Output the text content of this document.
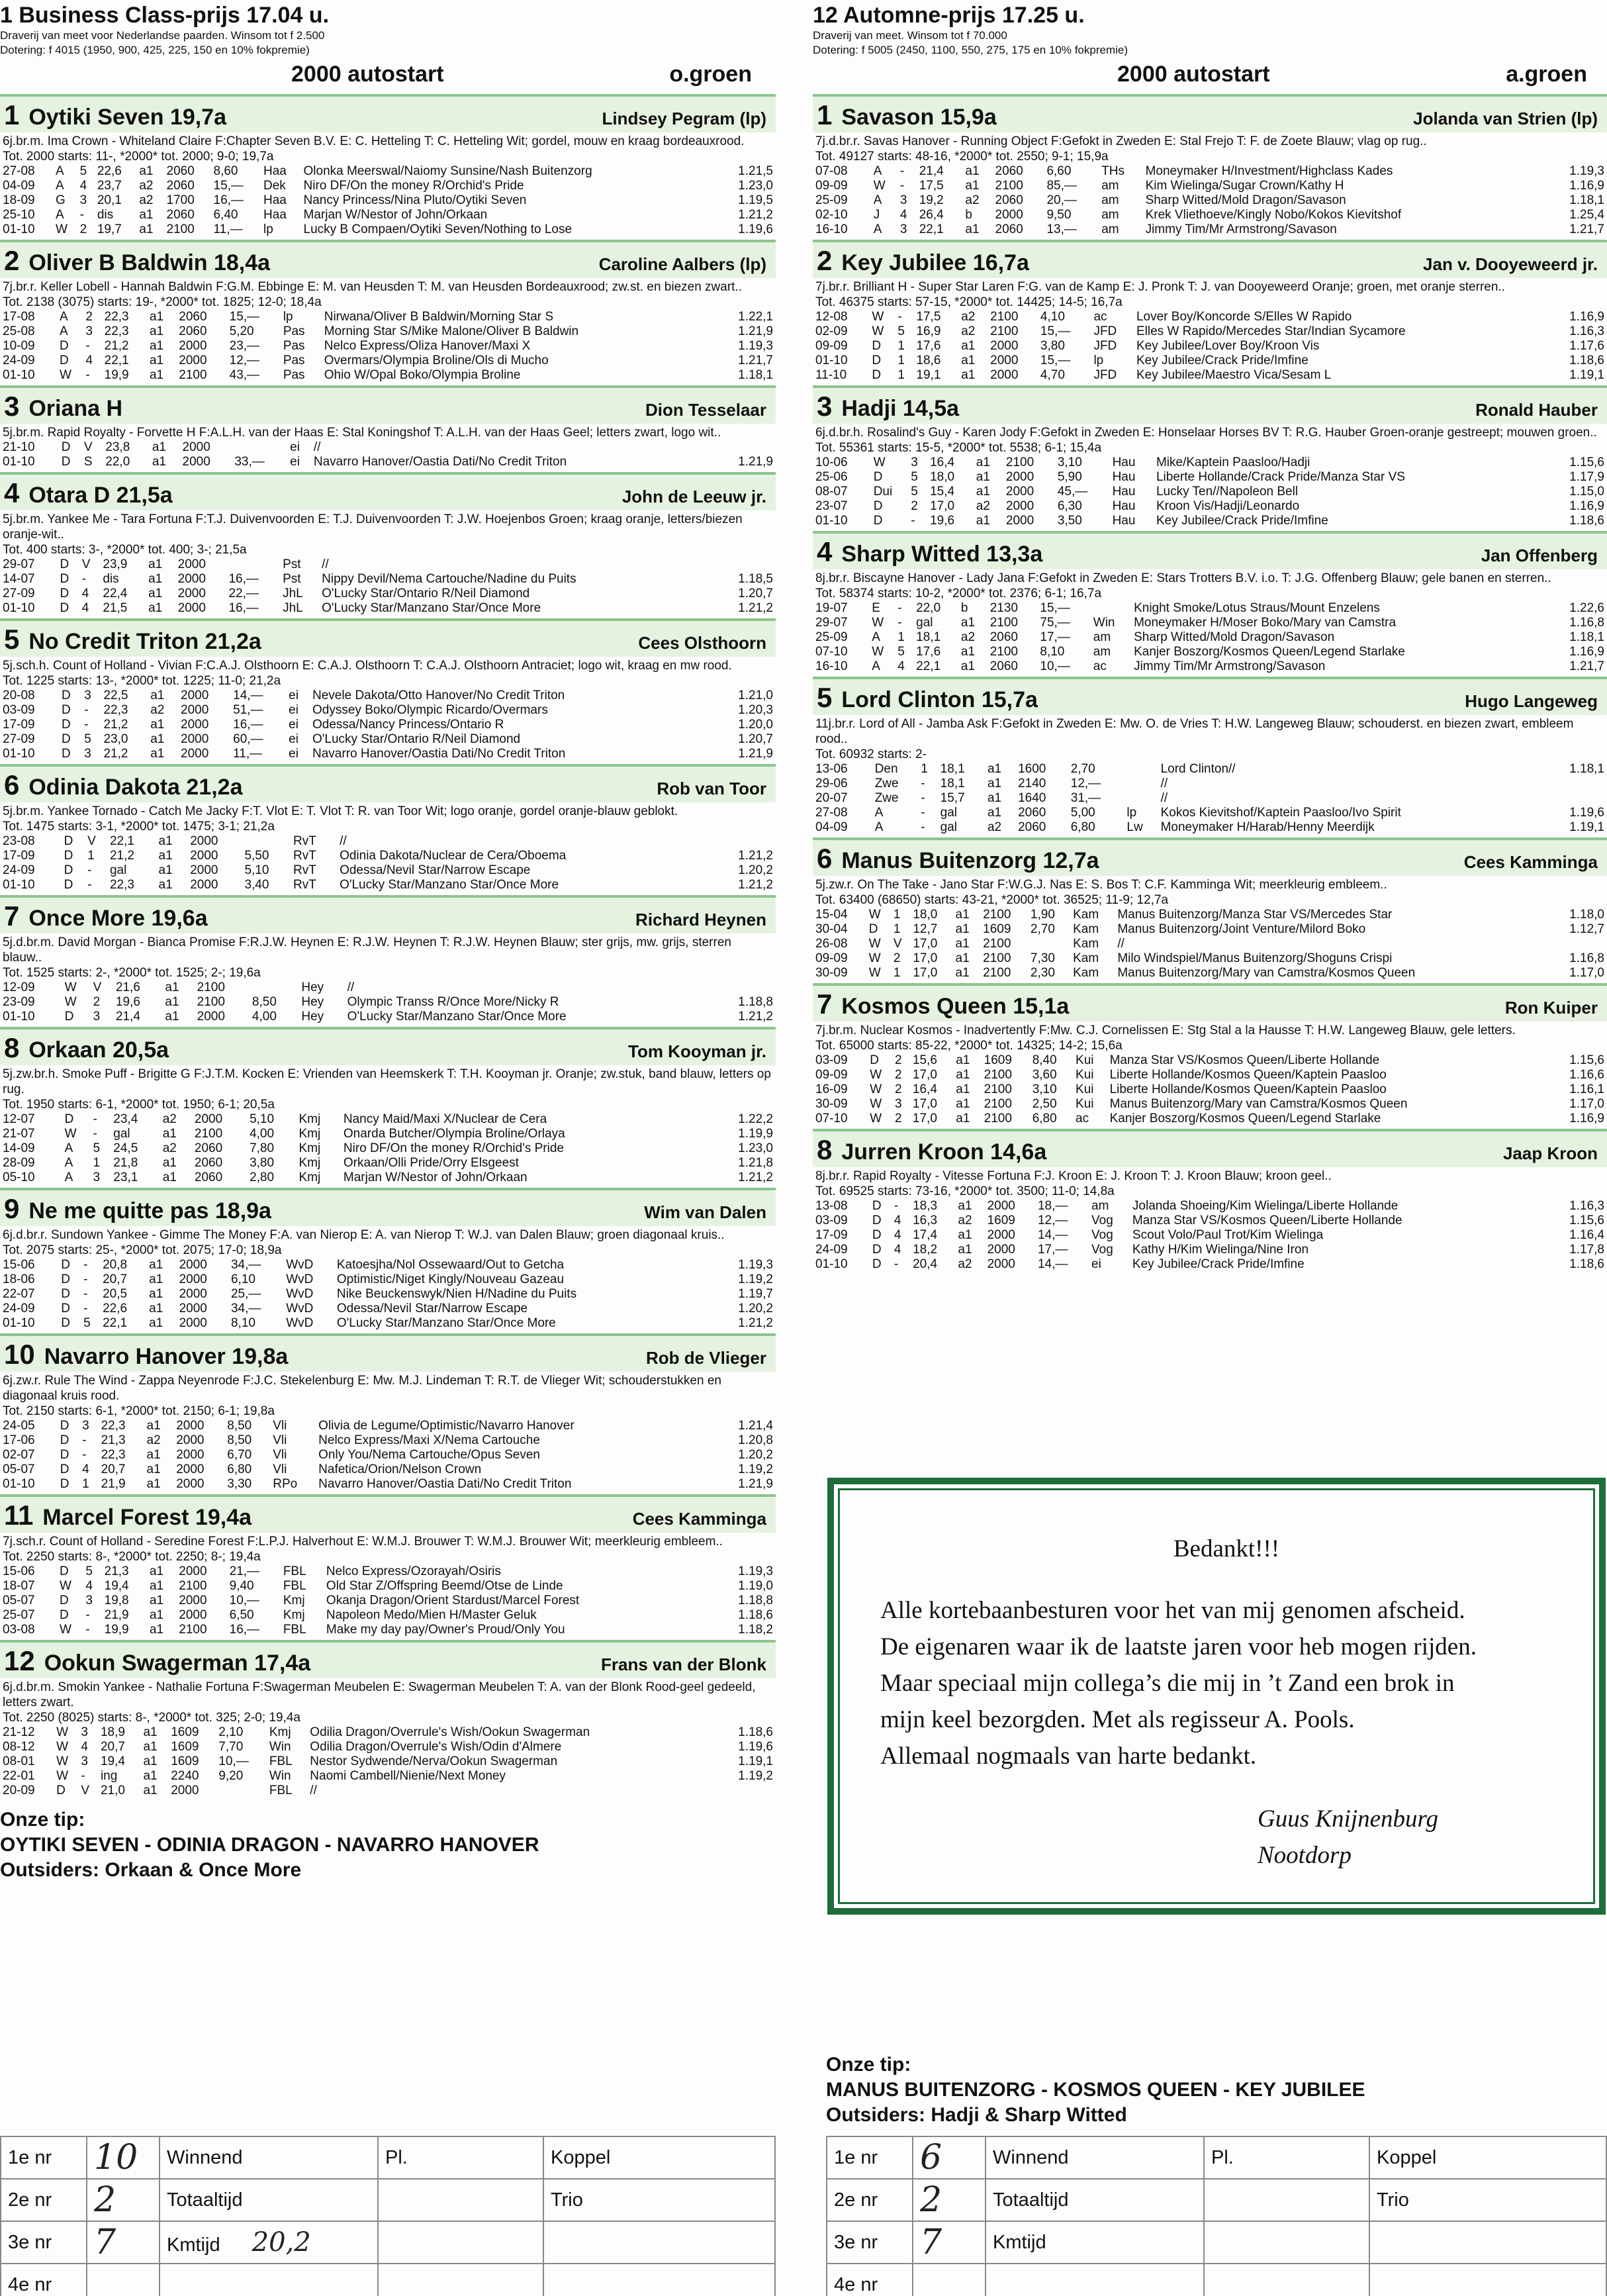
1 Business Class-prijs 17.04 u.
Draverij van meet voor Nederlandse paarden. Winsom tot f 2.500
Dotering: f 4015 (1950, 900, 425, 225, 150 en 10% fokpremie)
2000 autostart	o.groen
1 Oytiki Seven 19,7a	Lindsey Pegram (lp)
6j.br.m. Ima Crown - Whiteland Claire F:Chapter Seven B.V. E: C. Hetteling T: C. Hetteling Wit; gordel, mouw en kraag bordeauxrood.
Tot. 2000 starts: 11-, *2000* tot. 2000; 9-0; 19,7a
27-08	A	5	22,6	a1	2060	8,60	Haa	Olonka Meerswal/Naiomy Sunsine/Nash Buitenzorg	1.21,5
04-09	A	4	23,7	a2	2060	15,—	Dek	Niro DF/On the money R/Orchid's Pride	1.23,0
18-09	G	3	20,1	a2	1700	16,—	Haa	Nancy Princess/Nina Pluto/Oytiki Seven	1.19,5
25-10	A	-	dis	a1	2060	6,40	Haa	Marjan W/Nestor of John/Orkaan	1.21,2
01-10	W	2	19,7	a1	2100	11,—	lp	Lucky B Compaen/Oytiki Seven/Nothing to Lose	1.19,6
2 Oliver B Baldwin 18,4a	Caroline Aalbers (lp)
7j.br.r. Keller Lobell - Hannah Baldwin F:G.M. Ebbinge E: M. van Heusden T: M. van Heusden Bordeauxrood; zw.st. en biezen zwart..
Tot. 2138 (3075) starts: 19-, *2000* tot. 1825; 12-0; 18,4a
17-08	A	2	22,3	a1	2060	15,—	lp	Nirwana/Oliver B Baldwin/Morning Star S	1.22,1
25-08	A	3	22,3	a1	2060	5,20	Pas	Morning Star S/Mike Malone/Oliver B Baldwin	1.21,9
10-09	D	-	21,2	a1	2000	23,—	Pas	Nelco Express/Oliza Hanover/Maxi X	1.19,3
24-09	D	4	22,1	a1	2000	12,—	Pas	Overmars/Olympia Broline/Ols di Mucho	1.21,7
01-10	W	-	19,9	a1	2100	43,—	Pas	Ohio W/Opal Boko/Olympia Broline	1.18,1
3 Oriana H	Dion Tesselaar
5j.br.m. Rapid Royalty - Forvette H F:A.L.H. van der Haas E: Stal Koningshof T: A.L.H. van der Haas Geel; letters zwart, logo wit..
21-10	D	V	23,8	a1	2000		ei	//	
01-10	D	S	22,0	a1	2000	33,—	ei	Navarro Hanover/Oastia Dati/No Credit Triton	1.21,9
4 Otara D 21,5a	John de Leeuw jr.
5j.br.m. Yankee Me - Tara Fortuna F:T.J. Duivenvoorden E: T.J. Duivenvoorden T: J.W. Hoejenbos Groen; kraag oranje, letters/biezen oranje-wit..
Tot. 400 starts: 3-, *2000* tot. 400; 3-; 21,5a
29-07	D	V	23,9	a1	2000		Pst	//	
14-07	D	-	dis	a1	2000	16,—	Pst	Nippy Devil/Nema Cartouche/Nadine du Puits	1.18,5
27-09	D	4	22,4	a1	2000	22,—	JhL	O'Lucky Star/Ontario R/Neil Diamond	1.20,7
01-10	D	4	21,5	a1	2000	16,—	JhL	O'Lucky Star/Manzano Star/Once More	1.21,2
5 No Credit Triton 21,2a	Cees Olsthoorn
5j.sch.h. Count of Holland - Vivian F:C.A.J. Olsthoorn E: C.A.J. Olsthoorn T: C.A.J. Olsthoorn Antraciet; logo wit, kraag en mw rood.
Tot. 1225 starts: 13-, *2000* tot. 1225; 11-0; 21,2a
20-08	D	3	22,5	a1	2000	14,—	ei	Nevele Dakota/Otto Hanover/No Credit Triton	1.21,0
03-09	D	-	22,3	a2	2000	51,—	ei	Odyssey Boko/Olympic Ricardo/Overmars	1.20,3
17-09	D	-	21,2	a1	2000	16,—	ei	Odessa/Nancy Princess/Ontario R	1.20,0
27-09	D	5	23,0	a1	2000	60,—	ei	O'Lucky Star/Ontario R/Neil Diamond	1.20,7
01-10	D	3	21,2	a1	2000	11,—	ei	Navarro Hanover/Oastia Dati/No Credit Triton	1.21,9
6 Odinia Dakota 21,2a	Rob van Toor
5j.br.m. Yankee Tornado - Catch Me Jacky F:T. Vlot E: T. Vlot T: R. van Toor Wit; logo oranje, gordel oranje-blauw geblokt.
Tot. 1475 starts: 3-1, *2000* tot. 1475; 3-1; 21,2a
23-08	D	V	22,1	a1	2000		RvT	//	
17-09	D	1	21,2	a1	2000	5,50	RvT	Odinia Dakota/Nuclear de Cera/Oboema	1.21,2
24-09	D	-	gal	a1	2000	5,10	RvT	Odessa/Nevil Star/Narrow Escape	1.20,2
01-10	D	-	22,3	a1	2000	3,40	RvT	O'Lucky Star/Manzano Star/Once More	1.21,2
7 Once More 19,6a	Richard Heynen
5j.d.br.m. David Morgan - Bianca Promise F:R.J.W. Heynen E: R.J.W. Heynen T: R.J.W. Heynen Blauw; ster grijs, mw. grijs, sterren blauw..
Tot. 1525 starts: 2-, *2000* tot. 1525; 2-; 19,6a
12-09	W	V	21,6	a1	2100		Hey	//	
23-09	W	2	19,6	a1	2100	8,50	Hey	Olympic Transs R/Once More/Nicky R	1.18,8
01-10	D	3	21,4	a1	2000	4,00	Hey	O'Lucky Star/Manzano Star/Once More	1.21,2
8 Orkaan 20,5a	Tom Kooyman jr.
5j.zw.br.h. Smoke Puff - Brigitte G F:J.T.M. Kocken E: Vrienden van Heemskerk T: T.H. Kooyman jr. Oranje; zw.stuk, band blauw, letters op rug.
Tot. 1950 starts: 6-1, *2000* tot. 1950; 6-1; 20,5a
12-07	D	-	23,4	a2	2000	5,10	Kmj	Nancy Maid/Maxi X/Nuclear de Cera	1.22,2
21-07	W	-	gal	a1	2100	4,00	Kmj	Onarda Butcher/Olympia Broline/Orlaya	1.19,9
14-09	A	5	24,5	a2	2060	7,80	Kmj	Niro DF/On the money R/Orchid's Pride	1.23,0
28-09	A	1	21,8	a1	2060	3,80	Kmj	Orkaan/Olli Pride/Orry Elsgeest	1.21,8
05-10	A	3	23,1	a1	2060	2,80	Kmj	Marjan W/Nestor of John/Orkaan	1.21,2
9 Ne me quitte pas 18,9a	Wim van Dalen
6j.d.br.r. Sundown Yankee - Gimme The Money F:A. van Nierop E: A. van Nierop T: W.J. van Dalen Blauw; groen diagonaal kruis..
Tot. 2075 starts: 25-, *2000* tot. 2075; 17-0; 18,9a
15-06	D	-	20,8	a1	2000	34,—	WvD	Katoesjha/Nol Ossewaard/Out to Getcha	1.19,3
18-06	D	-	20,7	a1	2000	6,10	WvD	Optimistic/Niget Kingly/Nouveau Gazeau	1.19,2
22-07	D	-	20,5	a1	2000	25,—	WvD	Nike Beuckenswyk/Nien H/Nadine du Puits	1.19,7
24-09	D	-	22,6	a1	2000	34,—	WvD	Odessa/Nevil Star/Narrow Escape	1.20,2
01-10	D	5	22,1	a1	2000	8,10	WvD	O'Lucky Star/Manzano Star/Once More	1.21,2
10 Navarro Hanover 19,8a	Rob de Vlieger
6j.zw.r. Rule The Wind - Zappa Neyenrode F:J.C. Stekelenburg E: Mw. M.J. Lindeman T: R.T. de Vlieger Wit; schouderstukken en diagonaal kruis rood.
Tot. 2150 starts: 6-1, *2000* tot. 2150; 6-1; 19,8a
24-05	D	3	22,3	a1	2000	8,50	Vli	Olivia de Legume/Optimistic/Navarro Hanover	1.21,4
17-06	D	-	21,3	a2	2000	8,50	Vli	Nelco Express/Maxi X/Nema Cartouche	1.20,8
02-07	D	-	22,3	a1	2000	6,70	Vli	Only You/Nema Cartouche/Opus Seven	1.20,2
05-07	D	4	20,7	a1	2000	6,80	Vli	Nafetica/Orion/Nelson Crown	1.19,2
01-10	D	1	21,9	a1	2000	3,30	RPo	Navarro Hanover/Oastia Dati/No Credit Triton	1.21,9
11 Marcel Forest 19,4a	Cees Kamminga
7j.sch.r. Count of Holland - Seredine Forest F:L.P.J. Halverhout E: W.M.J. Brouwer T: W.M.J. Brouwer Wit; meerkleurig embleem..
Tot. 2250 starts: 8-, *2000* tot. 2250; 8-; 19,4a
15-06	D	5	21,3	a1	2000	21,—	FBL	Nelco Express/Ozorayah/Osiris	1.19,3
18-07	W	4	19,4	a1	2100	9,40	FBL	Old Star Z/Offspring Beemd/Otse de Linde	1.19,0
05-07	D	3	19,8	a1	2000	10,—	Kmj	Okanja Dragon/Orient Stardust/Marcel Forest	1.18,8
25-07	D	-	21,9	a1	2000	6,50	Kmj	Napoleon Medo/Mien H/Master Geluk	1.18,6
03-08	W	-	19,9	a1	2100	16,—	FBL	Make my day pay/Owner's Proud/Only You	1.18,2
12 Ookun Swagerman 17,4a	Frans van der Blonk
6j.d.br.m. Smokin Yankee - Nathalie Fortuna F:Swagerman Meubelen E: Swagerman Meubelen T: A. van der Blonk Rood-geel gedeeld, letters zwart.
Tot. 2250 (8025) starts: 8-, *2000* tot. 325; 2-0; 19,4a
21-12	W	3	18,9	a1	1609	2,10	Kmj	Odilia Dragon/Overrule's Wish/Ookun Swagerman	1.18,6
08-12	W	4	20,7	a1	1609	7,70	Win	Odilia Dragon/Overrule's Wish/Odin d'Almere	1.19,6
08-01	W	3	19,4	a1	1609	10,—	FBL	Nestor Sydwende/Nerva/Ookun Swagerman	1.19,1
22-01	W	-	ing	a1	2240	9,20	Win	Naomi Cambell/Nienie/Next Money	1.19,2
20-09	D	V	21,0	a1	2000		FBL	//	
Onze tip:
OYTIKI SEVEN - ODINIA DRAGON - NAVARRO HANOVER
Outsiders: Orkaan & Once More
1e nr	10	Winnend	Pl.	Koppel
2e nr	2	Totaaltijd		Trio
3e nr	7	Kmtijd 20,2		
4e nr				
12 Automne-prijs 17.25 u.
Draverij van meet. Winsom tot f 70.000
Dotering: f 5005 (2450, 1100, 550, 275, 175 en 10% fokpremie)
2000 autostart	a.groen
1 Savason 15,9a	Jolanda van Strien (lp)
7j.d.br.r. Savas Hanover - Running Object F:Gefokt in Zweden E: Stal Frejo T: F. de Zoete Blauw; vlag op rug..
Tot. 49127 starts: 48-16, *2000* tot. 2550; 9-1; 15,9a
07-08	A	-	21,4	a1	2060	6,60	THs	Moneymaker H/Investment/Highclass Kades	1.19,3
09-09	W	-	17,5	a1	2100	85,—	am	Kim Wielinga/Sugar Crown/Kathy H	1.16,9
25-09	A	3	19,2	a2	2060	20,—	am	Sharp Witted/Mold Dragon/Savason	1.18,1
02-10	J	4	26,4	b	2000	9,50	am	Krek Vliethoeve/Kingly Nobo/Kokos Kievitshof	1.25,4
16-10	A	3	22,1	a1	2060	13,—	am	Jimmy Tim/Mr Armstrong/Savason	1.21,7
2 Key Jubilee 16,7a	Jan v. Dooyeweerd jr.
7j.br.r. Brilliant H - Super Star Laren F:G. van de Kamp E: J. Pronk T: J. van Dooyeweerd Oranje; groen, met oranje sterren..
Tot. 46375 starts: 57-15, *2000* tot. 14425; 14-5; 16,7a
12-08	W	-	17,5	a2	2100	4,10	ac	Lover Boy/Koncorde S/Elles W Rapido	1.16,9
02-09	W	5	16,9	a2	2100	15,—	JFD	Elles W Rapido/Mercedes Star/Indian Sycamore	1.16,3
09-09	D	1	17,6	a1	2000	3,80	JFD	Key Jubilee/Lover Boy/Kroon Vis	1.17,6
01-10	D	1	18,6	a1	2000	15,—	lp	Key Jubilee/Crack Pride/Imfine	1.18,6
11-10	D	1	19,1	a1	2000	4,70	JFD	Key Jubilee/Maestro Vica/Sesam L	1.19,1
3 Hadji 14,5a	Ronald Hauber
6j.d.br.h. Rosalind's Guy - Karen Jody F:Gefokt in Zweden E: Honselaar Horses BV T: R.G. Hauber Groen-oranje gestreept; mouwen groen..
Tot. 55361 starts: 15-5, *2000* tot. 5538; 6-1; 15,4a
10-06	W	3	16,4	a1	2100	3,10	Hau	Mike/Kaptein Paasloo/Hadji	1.15,6
25-06	D	5	18,0	a1	2000	5,90	Hau	Liberte Hollande/Crack Pride/Manza Star VS	1.17,9
08-07	Dui	5	15,4	a1	2000	45,—	Hau	Lucky Ten//Napoleon Bell	1.15,0
23-07	D	2	17,0	a2	2000	6,30	Hau	Kroon Vis/Hadji/Leonardo	1.16,9
01-10	D	-	19,6	a1	2000	3,50	Hau	Key Jubilee/Crack Pride/Imfine	1.18,6
4 Sharp Witted 13,3a	Jan Offenberg
8j.br.r. Biscayne Hanover - Lady Jana F:Gefokt in Zweden E: Stars Trotters B.V. i.o. T: J.G. Offenberg Blauw; gele banen en sterren..
Tot. 58374 starts: 10-2, *2000* tot. 2376; 6-1; 16,7a
19-07	E	-	22,0	b	2130	15,—		Knight Smoke/Lotus Straus/Mount Enzelens	1.22,6
29-07	W	-	gal	a1	2100	75,—	Win	Moneymaker H/Moser Boko/Mary van Camstra	1.16,8
25-09	A	1	18,1	a2	2060	17,—	am	Sharp Witted/Mold Dragon/Savason	1.18,1
07-10	W	5	17,6	a1	2100	8,10	am	Kanjer Boszorg/Kosmos Queen/Legend Starlake	1.16,9
16-10	A	4	22,1	a1	2060	10,—	ac	Jimmy Tim/Mr Armstrong/Savason	1.21,7
5 Lord Clinton 15,7a	Hugo Langeweg
11j.br.r. Lord of All - Jamba Ask F:Gefokt in Zweden E: Mw. O. de Vries T: H.W. Langeweg Blauw; schouderst. en biezen zwart, embleem rood..
Tot. 60932 starts: 2-
13-06	Den	1	18,1	a1	1600	2,70		Lord Clinton//	1.18,1
29-06	Zwe	-	18,1	a1	2140	12,—		//	
20-07	Zwe	-	15,7	a1	1640	31,—		//	
27-08	A	-	gal	a1	2060	5,00	lp	Kokos Kievitshof/Kaptein Paasloo/Ivo Spirit	1.19,6
04-09	A	-	gal	a2	2060	6,80	Lw	Moneymaker H/Harab/Henny Meerdijk	1.19,1
6 Manus Buitenzorg 12,7a	Cees Kamminga
5j.zw.r. On The Take - Jano Star F:W.G.J. Nas E: S. Bos T: C.F. Kamminga Wit; meerkleurig embleem..
Tot. 63400 (68650) starts: 43-21, *2000* tot. 36525; 11-9; 12,7a
15-04	W	1	18,0	a1	2100	1,90	Kam	Manus Buitenzorg/Manza Star VS/Mercedes Star	1.18,0
30-04	D	1	12,7	a1	1609	2,70	Kam	Manus Buitenzorg/Joint Venture/Milord Boko	1.12,7
26-08	W	V	17,0	a1	2100		Kam	//	
09-09	W	2	17,0	a1	2100	7,30	Kam	Milo Windspiel/Manus Buitenzorg/Shoguns Crispi	1.16,8
30-09	W	1	17,0	a1	2100	2,30	Kam	Manus Buitenzorg/Mary van Camstra/Kosmos Queen	1.17,0
7 Kosmos Queen 15,1a	Ron Kuiper
7j.br.m. Nuclear Kosmos - Inadvertently F:Mw. C.J. Cornelissen E: Stg Stal a la Hausse T: H.W. Langeweg Blauw, gele letters.
Tot. 65000 starts: 85-22, *2000* tot. 14325; 14-2; 15,6a
03-09	D	2	15,6	a1	1609	8,40	Kui	Manza Star VS/Kosmos Queen/Liberte Hollande	1.15,6
09-09	W	2	17,0	a1	2100	3,60	Kui	Liberte Hollande/Kosmos Queen/Kaptein Paasloo	1.16,6
16-09	W	2	16,4	a1	2100	3,10	Kui	Liberte Hollande/Kosmos Queen/Kaptein Paasloo	1.16,1
30-09	W	3	17,0	a1	2100	2,50	Kui	Manus Buitenzorg/Mary van Camstra/Kosmos Queen	1.17,0
07-10	W	2	17,0	a1	2100	6,80	ac	Kanjer Boszorg/Kosmos Queen/Legend Starlake	1.16,9
8 Jurren Kroon 14,6a	Jaap Kroon
8j.br.r. Rapid Royalty - Vitesse Fortuna F:J. Kroon E: J. Kroon T: J. Kroon Blauw; kroon geel..
Tot. 69525 starts: 73-16, *2000* tot. 3500; 11-0; 14,8a
13-08	D	-	18,3	a1	2000	18,—	am	Jolanda Shoeing/Kim Wielinga/Liberte Hollande	1.16,3
03-09	D	4	16,3	a2	1609	12,—	Vog	Manza Star VS/Kosmos Queen/Liberte Hollande	1.15,6
17-09	D	4	17,4	a1	2000	14,—	Vog	Scout Volo/Paul Trot/Kim Wielinga	1.16,4
24-09	D	4	18,2	a1	2000	17,—	Vog	Kathy H/Kim Wielinga/Nine Iron	1.17,8
01-10	D	-	20,4	a2	2000	14,—	ei	Key Jubilee/Crack Pride/Imfine	1.18,6
Bedankt!!!
Alle kortebaanbesturen voor het van mij genomen afscheid.
De eigenaren waar ik de laatste jaren voor heb mogen rijden.
Maar speciaal mijn collega’s die mij in ’t Zand een brok in
mijn keel bezorgden. Met als regisseur A. Pools.
Allemaal nogmaals van harte bedankt.
Guus Knijnenburg
Nootdorp
Onze tip:
MANUS BUITENZORG - KOSMOS QUEEN - KEY JUBILEE
Outsiders: Hadji & Sharp Witted
1e nr	6	Winnend	Pl.	Koppel
2e nr	2	Totaaltijd		Trio
3e nr	7	Kmtijd		
4e nr				
